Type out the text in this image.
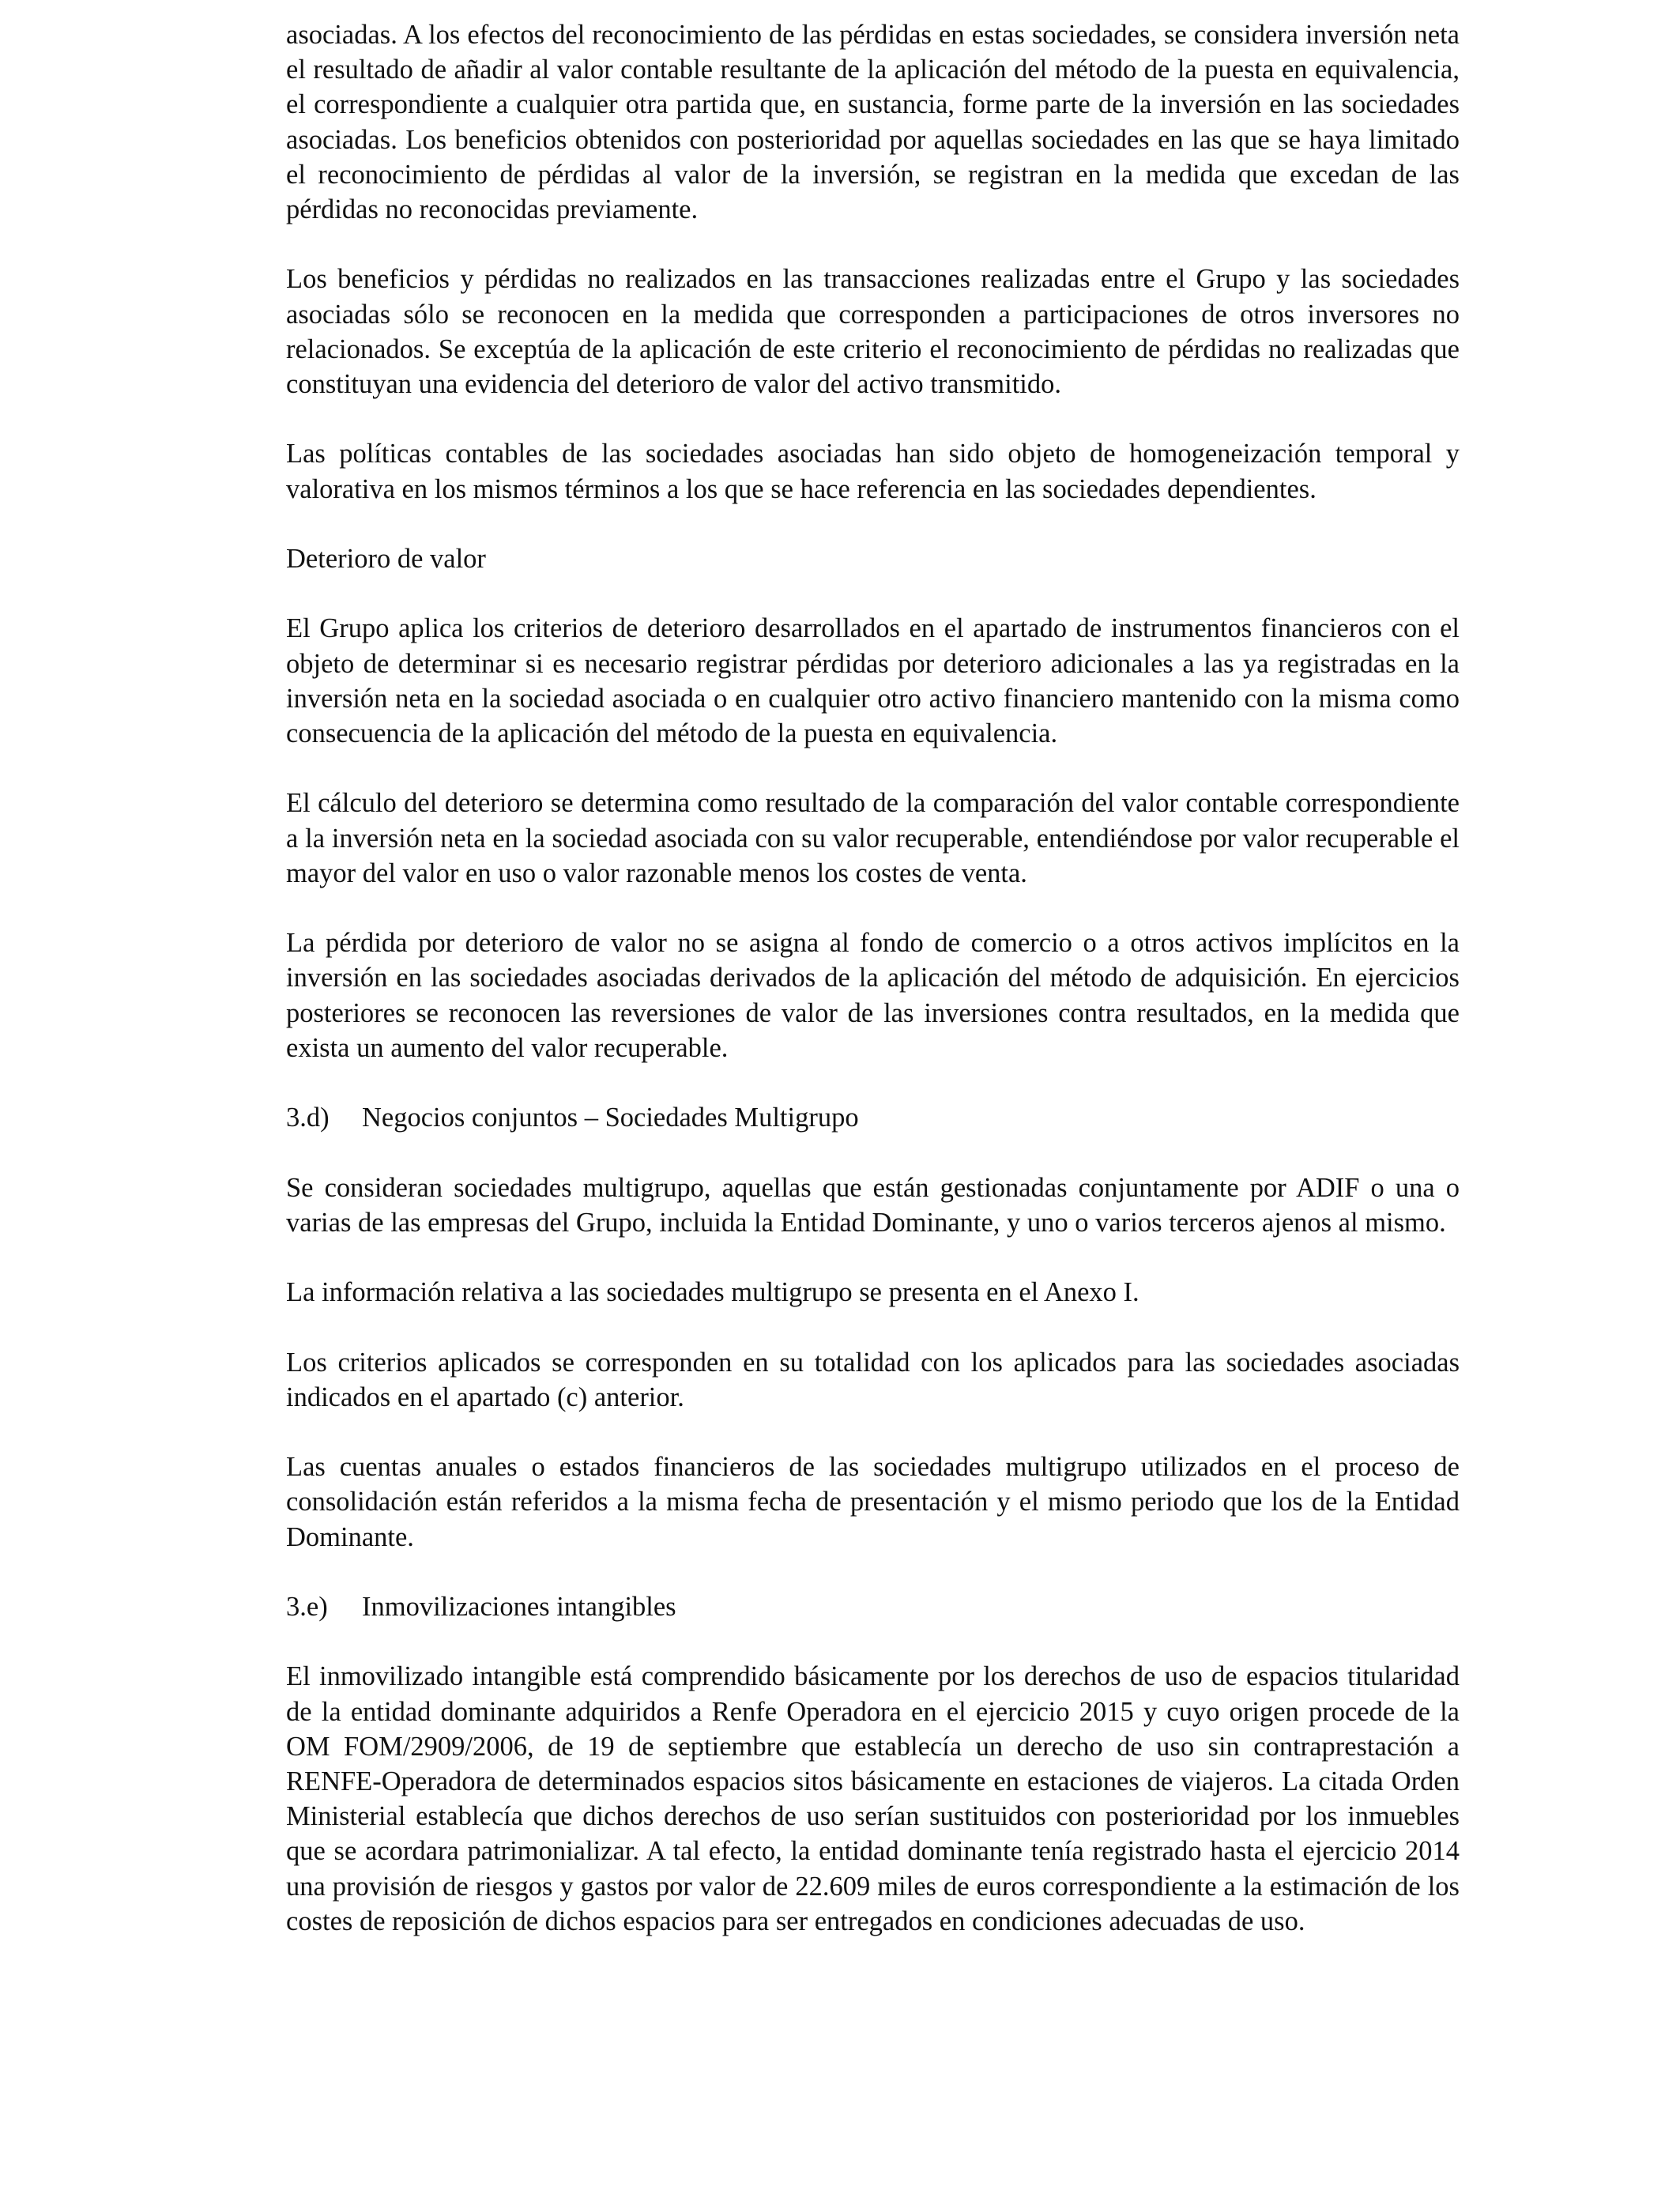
asociadas. A los efectos del reconocimiento de las pérdidas en estas sociedades, se considera inversión neta el resultado de añadir al valor contable resultante de la aplicación del método de la puesta en equivalencia, el correspondiente a cualquier otra partida que, en sustancia, forme parte de la inversión en las sociedades asociadas. Los beneficios obtenidos con posterioridad por aquellas sociedades en las que se haya limitado el reconocimiento de pérdidas al valor de la inversión, se registran en la medida que excedan de las pérdidas no reconocidas previamente.

Los beneficios y pérdidas no realizados en las transacciones realizadas entre el Grupo y las sociedades asociadas sólo se reconocen en la medida que corresponden a participaciones de otros inversores no relacionados. Se exceptúa de la aplicación de este criterio el reconocimiento de pérdidas no realizadas que constituyan una evidencia del deterioro de valor del activo transmitido.

Las políticas contables de las sociedades asociadas han sido objeto de homogeneización temporal y valorativa en los mismos términos a los que se hace referencia en las sociedades dependientes.

Deterioro de valor

El Grupo aplica los criterios de deterioro desarrollados en el apartado de instrumentos financieros con el objeto de determinar si es necesario registrar pérdidas por deterioro adicionales a las ya registradas en la inversión neta en la sociedad asociada o en cualquier otro activo financiero mantenido con la misma como consecuencia de la aplicación del método de la puesta en equivalencia.

El cálculo del deterioro se determina como resultado de la comparación del valor contable correspondiente a la inversión neta en la sociedad asociada con su valor recuperable, entendiéndose por valor recuperable el mayor del valor en uso o valor razonable menos los costes de venta.

La pérdida por deterioro de valor no se asigna al fondo de comercio o a otros activos implícitos en la inversión en las sociedades asociadas derivados de la aplicación del método de adquisición. En ejercicios posteriores se reconocen las reversiones de valor de las inversiones contra resultados, en la medida que exista un aumento del valor recuperable.

3.d)	Negocios conjuntos – Sociedades Multigrupo

Se consideran sociedades multigrupo, aquellas que están gestionadas conjuntamente por ADIF o una o varias de las empresas del Grupo, incluida la Entidad Dominante, y uno o varios terceros ajenos al mismo.

La información relativa a las sociedades multigrupo se presenta en el Anexo I.

Los criterios aplicados se corresponden en su totalidad con los aplicados para las sociedades asociadas indicados en el apartado (c) anterior.

Las cuentas anuales o estados financieros de las sociedades multigrupo utilizados en el proceso de consolidación están referidos a la misma fecha de presentación y el mismo periodo que los de la Entidad Dominante.

3.e)	Inmovilizaciones intangibles

El inmovilizado intangible está comprendido básicamente por los derechos de uso de espacios titularidad de la entidad dominante adquiridos a Renfe Operadora en el ejercicio 2015 y cuyo origen procede de la OM FOM/2909/2006, de 19 de septiembre que establecía un derecho de uso sin contraprestación a RENFE-Operadora de determinados espacios sitos básicamente en estaciones de viajeros. La citada Orden Ministerial establecía que dichos derechos de uso serían sustituidos con posterioridad por los inmuebles que se acordara patrimonializar. A tal efecto, la entidad dominante tenía registrado hasta el ejercicio 2014 una provisión de riesgos y gastos por valor de 22.609 miles de euros correspondiente a la estimación de los costes de reposición de dichos espacios para ser entregados en condiciones adecuadas de uso.
